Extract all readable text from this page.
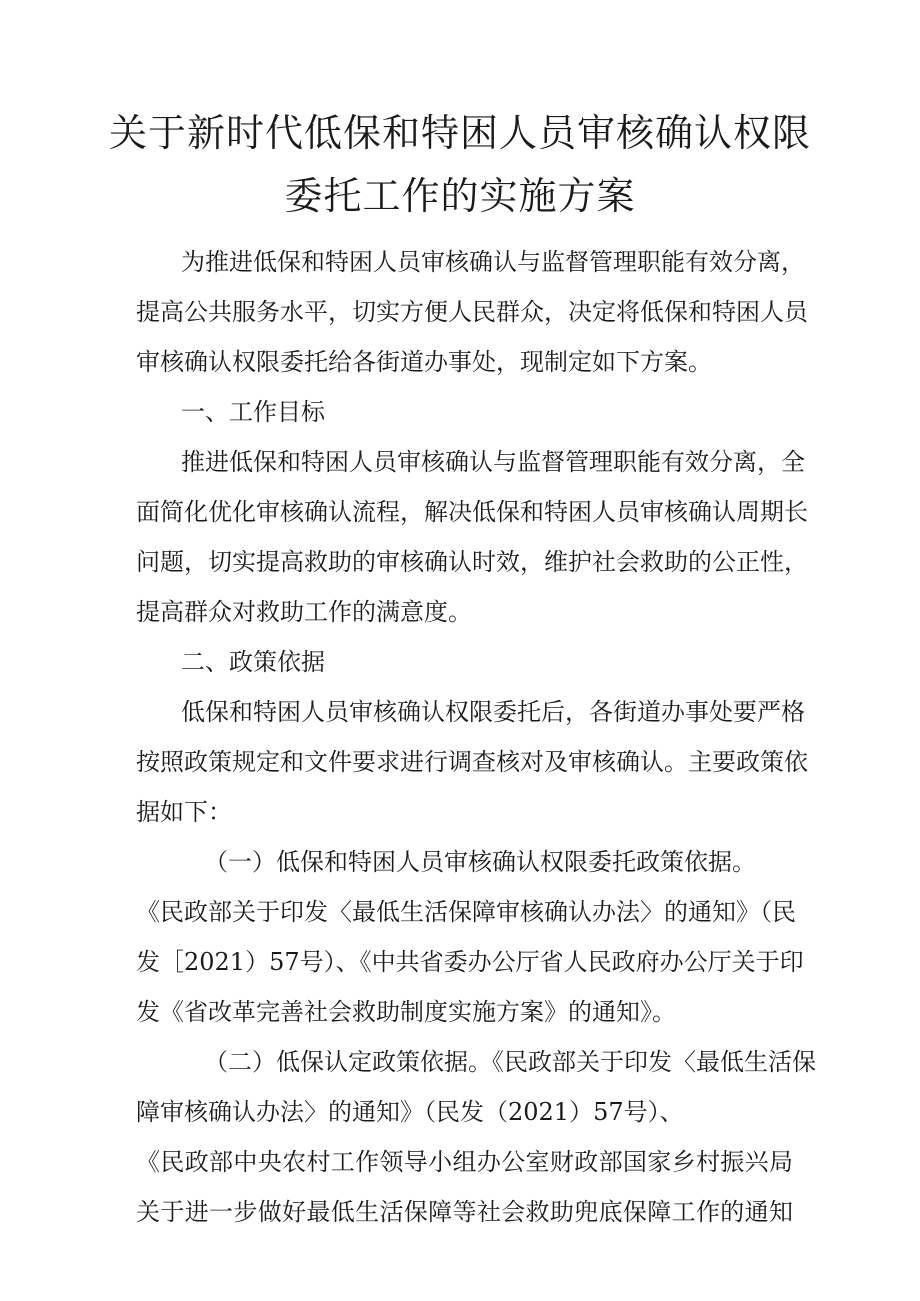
关于新时代低保和特困人员审核确认权限
委托工作的实施方案
为推进低保和特困人员审核确认与监督管理职能有效分离，
提高公共服务水平，切实方便人民群众，决定将低保和特困人员
审核确认权限委托给各街道办事处，现制定如下方案。
一、工作目标
推进低保和特困人员审核确认与监督管理职能有效分离，全
面简化优化审核确认流程，解决低保和特困人员审核确认周期长
问题，切实提高救助的审核确认时效，维护社会救助的公正性，
提高群众对救助工作的满意度。
二、政策依据
低保和特困人员审核确认权限委托后，各街道办事处要严格
按照政策规定和文件要求进行调查核对及审核确认。主要政策依
据如下：
（一）低保和特困人员审核确认权限委托政策依据。
《民政部关于印发〈最低生活保障审核确认办法〉的通知》（民
发［2021）57号）、《中共省委办公厅省人民政府办公厅关于印
发《省改革完善社会救助制度实施方案》的通知》。
（二）低保认定政策依据。《民政部关于印发〈最低生活保
障审核确认办法〉的通知》（民发（2021）57号）、
《民政部中央农村工作领导小组办公室财政部国家乡村振兴局
关于进一步做好最低生活保障等社会救助兜底保障工作的通知
